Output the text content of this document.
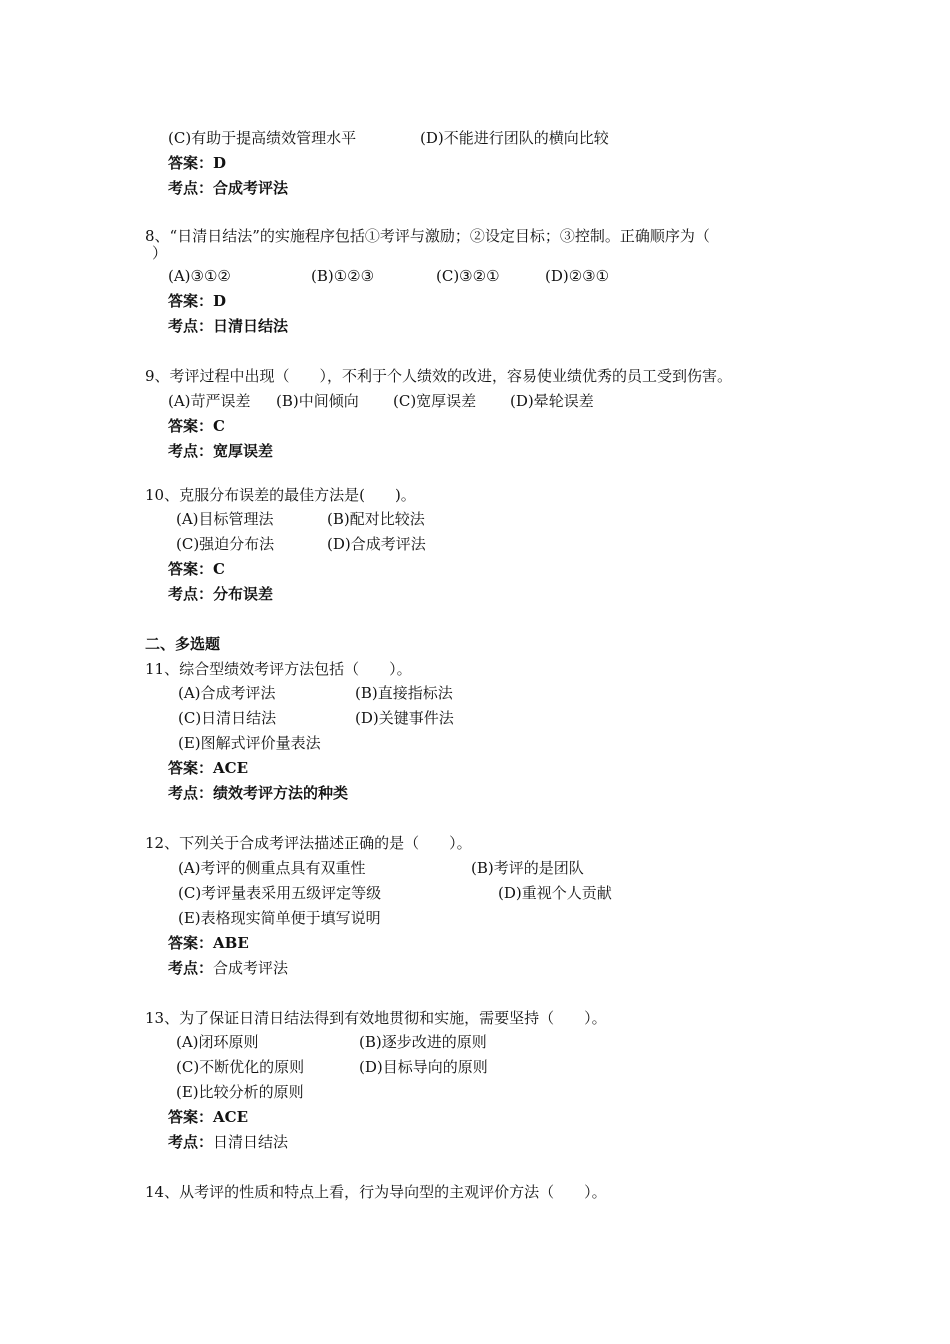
(C)有助于提高绩效管理水平	(D)不能进行团队的横向比较
答案：D
考点：合成考评法
8、“日清日结法”的实施程序包括①考评与激励；②设定目标；③控制。正确顺序为（
）
(A)③①②	(B)①②③	(C)③②①	(D)②③①
答案：D
考点：日清日结法
9、考评过程中出现（　　），不利于个人绩效的改进，容易使业绩优秀的员工受到伤害。
(A)苛严误差 (B)中间倾向 (C)宽厚误差 (D)晕轮误差
答案：C
考点：宽厚误差
10、克服分布误差的最佳方法是(　　)。
(A)目标管理法	(B)配对比较法
(C)强迫分布法	(D)合成考评法
答案：C
考点：分布误差
二、多选题
11、综合型绩效考评方法包括（　　）。
(A)合成考评法	(B)直接指标法
(C)日清日结法	(D)关键事件法
(E)图解式评价量表法
答案：ACE
考点：绩效考评方法的种类
12、下列关于合成考评法描述正确的是（　　）。
(A)考评的侧重点具有双重性	(B)考评的是团队
(C)考评量表采用五级评定等级	(D)重视个人贡献
(E)表格现实简单便于填写说明
答案：ABE
考点：合成考评法
13、为了保证日清日结法得到有效地贯彻和实施，需要坚持（　　）。
(A)闭环原则	(B)逐步改进的原则
(C)不断优化的原则	(D)目标导向的原则
(E)比较分析的原则
答案：ACE
考点：日清日结法
14、从考评的性质和特点上看，行为导向型的主观评价方法（　　）。
